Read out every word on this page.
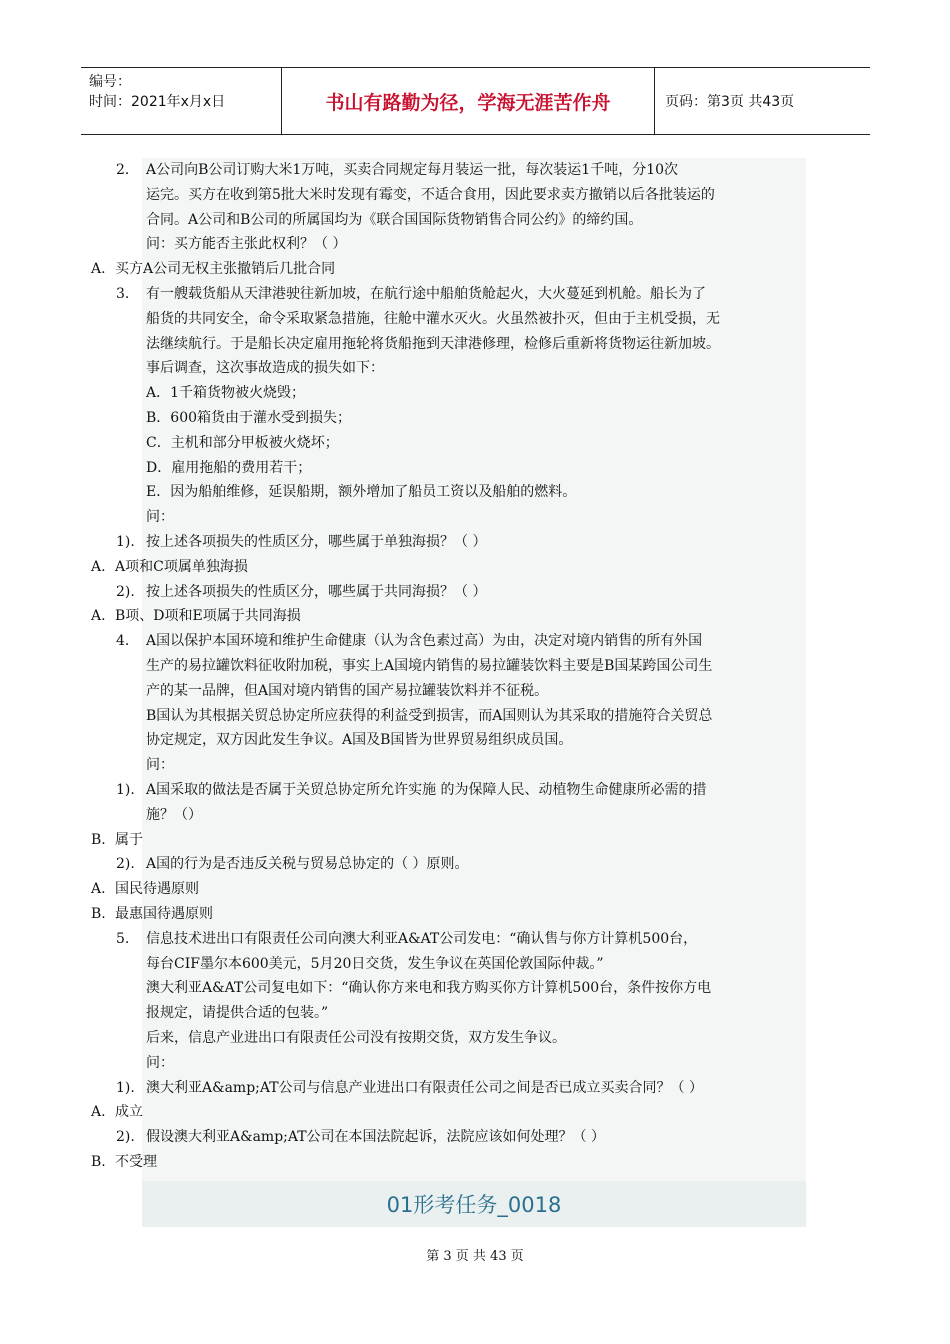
编号：
时间：2021年x月x日	书山有路勤为径，学海无涯苦作舟	页码：第3页 共43页
2. A公司向B公司订购大米1万吨，买卖合同规定每月装运一批，每次装运1千吨，分10次
运完。买方在收到第5批大米时发现有霉变，不适合食用，因此要求卖方撤销以后各批装运的
合同。A公司和B公司的所属国均为《联合国国际货物销售合同公约》的缔约国。
问：买方能否主张此权利？（ ）
A. 买方A公司无权主张撤销后几批合同
3. 有一艘载货船从天津港驶往新加坡，在航行途中船舶货舱起火，大火蔓延到机舱。船长为了
船货的共同安全，命令采取紧急措施，往舱中灌水灭火。火虽然被扑灭，但由于主机受损，无
法继续航行。于是船长决定雇用拖轮将货船拖到天津港修理，检修后重新将货物运往新加坡。
事后调查，这次事故造成的损失如下：
A．1千箱货物被火烧毁；
B．600箱货由于灌水受到损失；
C．主机和部分甲板被火烧坏；
D．雇用拖船的费用若干；
E．因为船舶维修，延误船期，额外增加了船员工资以及船舶的燃料。
问：
1). 按上述各项损失的性质区分，哪些属于单独海损？（ ）
A. A项和C项属单独海损
2). 按上述各项损失的性质区分，哪些属于共同海损？（ ）
A. B项、D项和E项属于共同海损
4. A国以保护本国环境和维护生命健康（认为含色素过高）为由，决定对境内销售的所有外国
生产的易拉罐饮料征收附加税，事实上A国境内销售的易拉罐装饮料主要是B国某跨国公司生
产的某一品牌，但A国对境内销售的国产易拉罐装饮料并不征税。
B国认为其根据关贸总协定所应获得的利益受到损害，而A国则认为其采取的措施符合关贸总
协定规定，双方因此发生争议。A国及B国皆为世界贸易组织成员国。
问：
1). A国采取的做法是否属于关贸总协定所允许实施 的为保障人民、动植物生命健康所必需的措
施？（）
B. 属于
2). A国的行为是否违反关税与贸易总协定的（ ）原则。
A. 国民待遇原则
B. 最惠国待遇原则
5. 信息技术进出口有限责任公司向澳大利亚A&AT公司发电：“确认售与你方计算机500台，
每台CIF墨尔本600美元，5月20日交货，发生争议在英国伦敦国际仲裁。”
澳大利亚A&AT公司复电如下：“确认你方来电和我方购买你方计算机500台，条件按你方电
报规定，请提供合适的包装。”
后来，信息产业进出口有限责任公司没有按期交货，双方发生争议。
问：
1). 澳大利亚A&amp;AT公司与信息产业进出口有限责任公司之间是否已成立买卖合同？（ ）
A. 成立
2). 假设澳大利亚A&amp;AT公司在本国法院起诉，法院应该如何处理？（ ）
B. 不受理
01形考任务_0018
第 3 页 共 43 页
